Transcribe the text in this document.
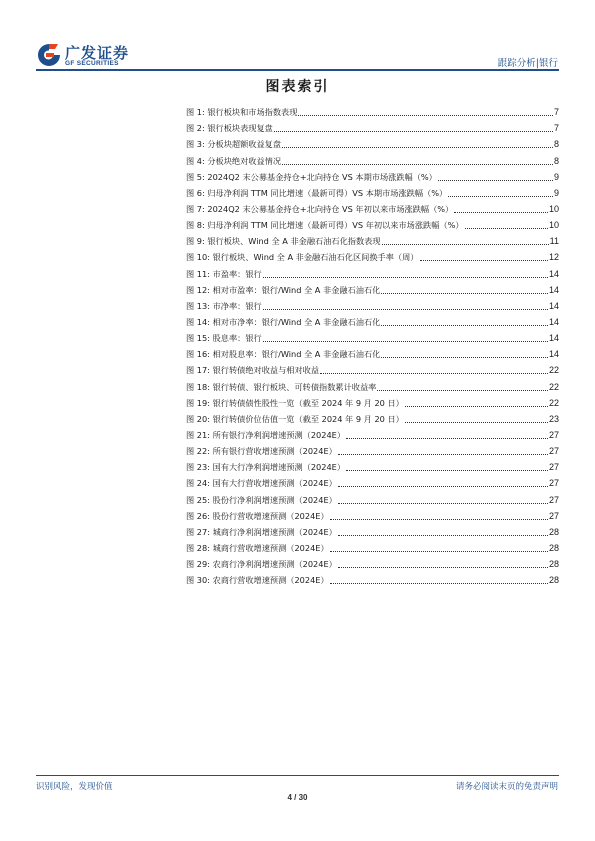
广发证券
GF SECURITIES	跟踪分析|银行
图表索引
图 1: 银行板块和市场指数表现	7
图 2: 银行板块表现复盘	7
图 3: 分板块超额收益复盘	8
图 4: 分板块绝对收益情况	8
图 5: 2024Q2 末公募基金持仓+北向持仓 VS 本期市场涨跌幅（%）	9
图 6: 归母净利润 TTM 同比增速（最新可得）VS 本期市场涨跌幅（%）	9
图 7: 2024Q2 末公募基金持仓+北向持仓 VS 年初以来市场涨跌幅（%）	10
图 8: 归母净利润 TTM 同比增速（最新可得）VS 年初以来市场涨跌幅（%）	10
图 9: 银行板块、Wind 全 A 非金融石油石化指数表现	11
图 10: 银行板块、Wind 全 A 非金融石油石化区间换手率（周）	12
图 11: 市盈率：银行	14
图 12: 相对市盈率：银行/Wind 全 A 非金融石油石化	14
图 13: 市净率：银行	14
图 14: 相对市净率：银行/Wind 全 A 非金融石油石化	14
图 15: 股息率：银行	14
图 16: 相对股息率：银行/Wind 全 A 非金融石油石化	14
图 17: 银行转债绝对收益与相对收益	22
图 18: 银行转债、银行板块、可转债指数累计收益率	22
图 19: 银行转债债性股性一览（截至 2024 年 9 月 20 日）	22
图 20: 银行转债价位估值一览（截至 2024 年 9 月 20 日）	23
图 21: 所有银行净利润增速预测（2024E）	27
图 22: 所有银行营收增速预测（2024E）	27
图 23: 国有大行净利润增速预测（2024E）	27
图 24: 国有大行营收增速预测（2024E）	27
图 25: 股份行净利润增速预测（2024E）	27
图 26: 股份行营收增速预测（2024E）	27
图 27: 城商行净利润增速预测（2024E）	28
图 28: 城商行营收增速预测（2024E）	28
图 29: 农商行净利润增速预测（2024E）	28
图 30: 农商行营收增速预测（2024E）	28
识别风险，发现价值	请务必阅读末页的免责声明
4 / 30
